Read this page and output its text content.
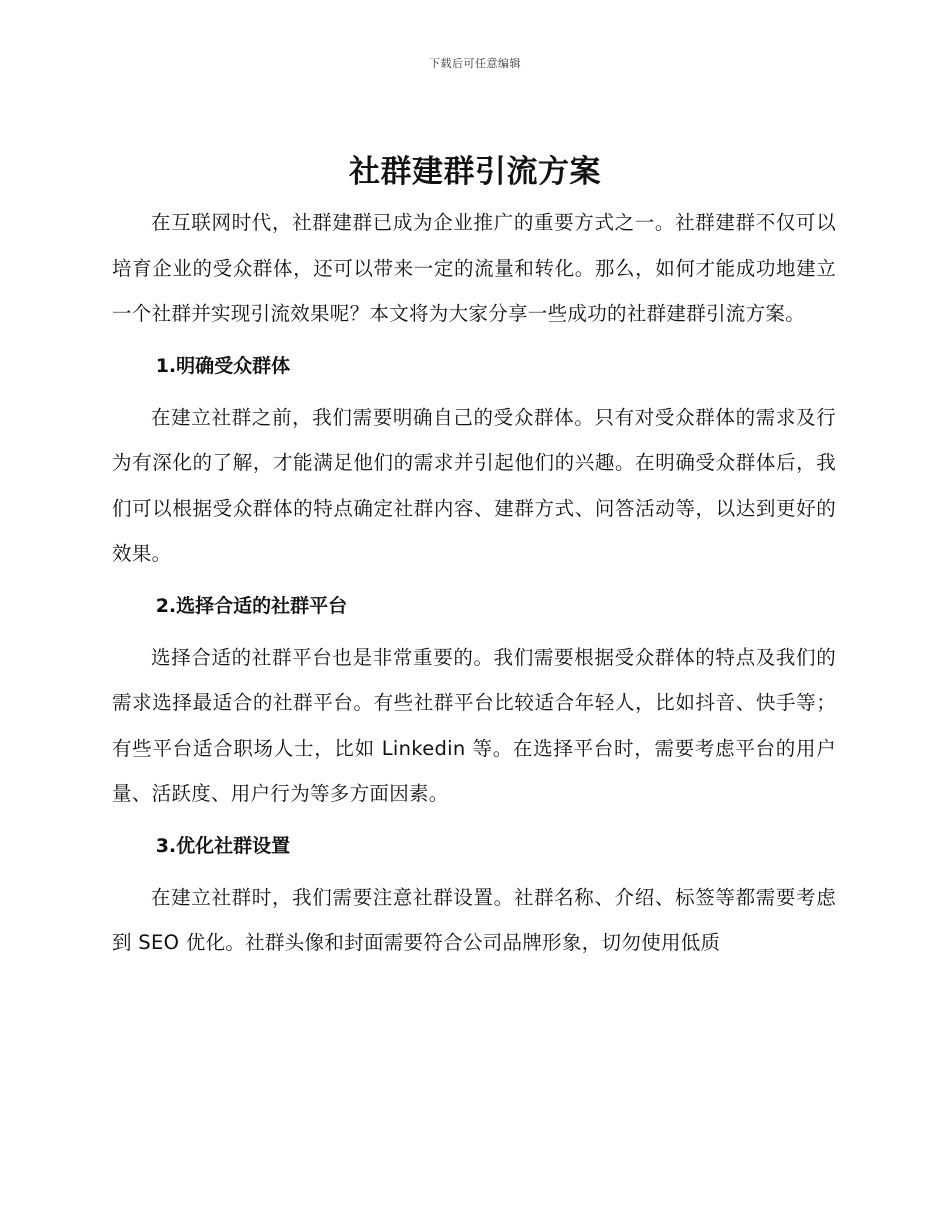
下载后可任意编辑
社群建群引流方案

在互联网时代，社群建群已成为企业推广的重要方式之一。社群建群不仅可以培育企业的受众群体，还可以带来一定的流量和转化。那么，如何才能成功地建立一个社群并实现引流效果呢？本文将为大家分享一些成功的社群建群引流方案。

1.明确受众群体

在建立社群之前，我们需要明确自己的受众群体。只有对受众群体的需求及行为有深化的了解，才能满足他们的需求并引起他们的兴趣。在明确受众群体后，我们可以根据受众群体的特点确定社群内容、建群方式、问答活动等，以达到更好的效果。

2.选择合适的社群平台

选择合适的社群平台也是非常重要的。我们需要根据受众群体的特点及我们的需求选择最适合的社群平台。有些社群平台比较适合年轻人，比如抖音、快手等；有些平台适合职场人士，比如 Linkedin 等。在选择平台时，需要考虑平台的用户量、活跃度、用户行为等多方面因素。

3.优化社群设置

在建立社群时，我们需要注意社群设置。社群名称、介绍、标签等都需要考虑到 SEO 优化。社群头像和封面需要符合公司品牌形象，切勿使用低质
